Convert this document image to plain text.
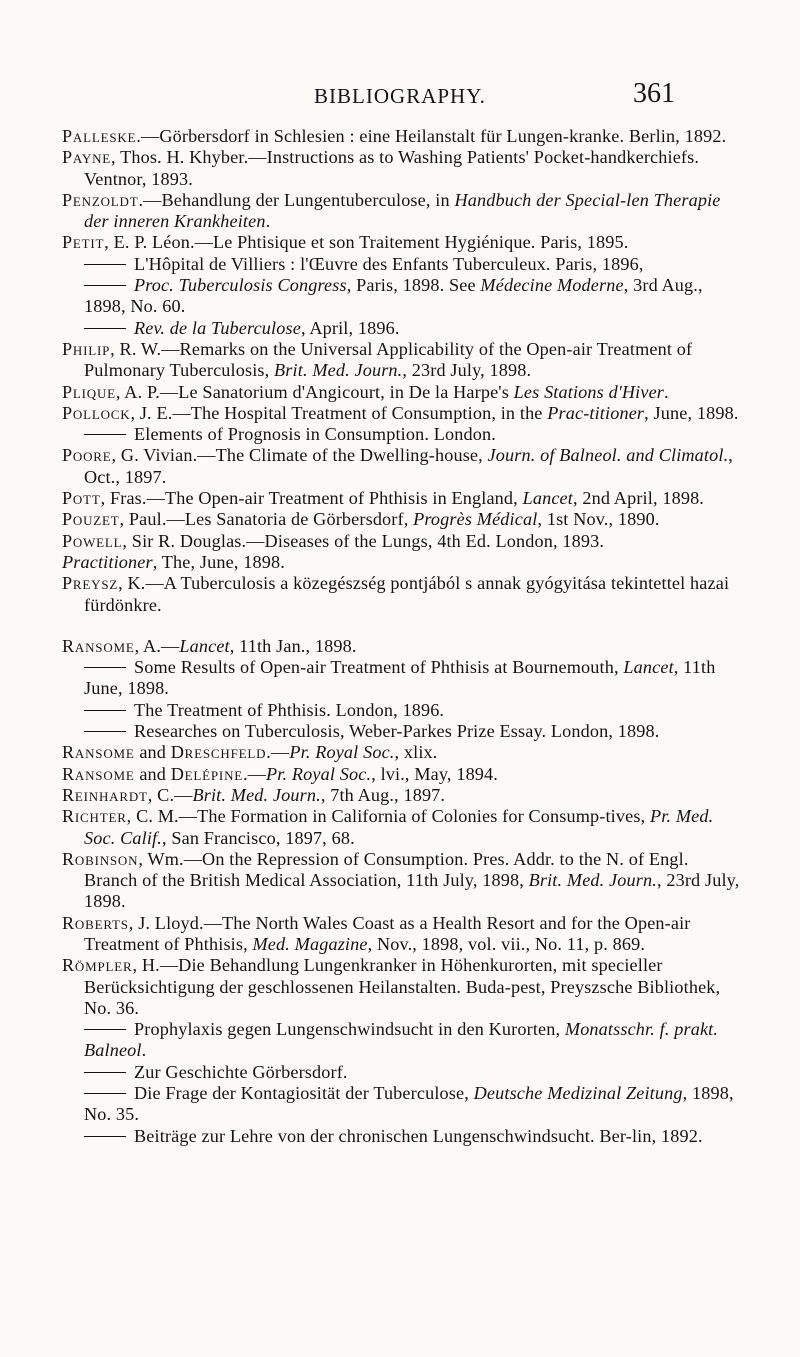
BIBLIOGRAPHY.	361

Palleske.—Görbersdorf in Schlesien : eine Heilanstalt für Lungen-kranke. Berlin, 1892.

Payne, Thos. H. Khyber.—Instructions as to Washing Patients' Pocket-handkerchiefs. Ventnor, 1893.

Penzoldt.—Behandlung der Lungentuberculose, in Handbuch der Special-len Therapie der inneren Krankheiten.

Petit, E. P. Léon.—Le Phtisique et son Traitement Hygiénique. Paris, 1895.

L'Hôpital de Villiers : l'Œuvre des Enfants Tuberculeux. Paris, 1896,

Proc. Tuberculosis Congress, Paris, 1898. See Médecine Moderne, 3rd Aug., 1898, No. 60.

Rev. de la Tuberculose, April, 1896.

Philip, R. W.—Remarks on the Universal Applicability of the Open-air Treatment of Pulmonary Tuberculosis, Brit. Med. Journ., 23rd July, 1898.

Plique, A. P.—Le Sanatorium d'Angicourt, in De la Harpe's Les Stations d'Hiver.

Pollock, J. E.—The Hospital Treatment of Consumption, in the Prac-titioner, June, 1898.

Elements of Prognosis in Consumption. London.

Poore, G. Vivian.—The Climate of the Dwelling-house, Journ. of Balneol. and Climatol., Oct., 1897.

Pott, Fras.—The Open-air Treatment of Phthisis in England, Lancet, 2nd April, 1898.

Pouzet, Paul.—Les Sanatoria de Görbersdorf, Progrès Médical, 1st Nov., 1890.

Powell, Sir R. Douglas.—Diseases of the Lungs, 4th Ed. London, 1893.

Practitioner, The, June, 1898.

Preysz, K.—A Tuberculosis a közegészség pontjából s annak gyógyitása tekintettel hazai fürdönkre.

Ransome, A.—Lancet, 11th Jan., 1898.

Some Results of Open-air Treatment of Phthisis at Bournemouth, Lancet, 11th June, 1898.

The Treatment of Phthisis. London, 1896.

Researches on Tuberculosis, Weber-Parkes Prize Essay. London, 1898.

Ransome and Dreschfeld.—Pr. Royal Soc., xlix.

Ransome and Delépine.—Pr. Royal Soc., lvi., May, 1894.

Reinhardt, C.—Brit. Med. Journ., 7th Aug., 1897.

Richter, C. M.—The Formation in California of Colonies for Consump-tives, Pr. Med. Soc. Calif., San Francisco, 1897, 68.

Robinson, Wm.—On the Repression of Consumption. Pres. Addr. to the N. of Engl. Branch of the British Medical Association, 11th July, 1898, Brit. Med. Journ., 23rd July, 1898.

Roberts, J. Lloyd.—The North Wales Coast as a Health Resort and for the Open-air Treatment of Phthisis, Med. Magazine, Nov., 1898, vol. vii., No. 11, p. 869.

Römpler, H.—Die Behandlung Lungenkranker in Höhenkurorten, mit specieller Berücksichtigung der geschlossenen Heilanstalten. Buda-pest, Preyszsche Bibliothek, No. 36.

Prophylaxis gegen Lungenschwindsucht in den Kurorten, Monatsschr. f. prakt. Balneol.

Zur Geschichte Görbersdorf.

Die Frage der Kontagiosität der Tuberculose, Deutsche Medizinal Zeitung, 1898, No. 35.

Beiträge zur Lehre von der chronischen Lungenschwindsucht. Ber-lin, 1892.
